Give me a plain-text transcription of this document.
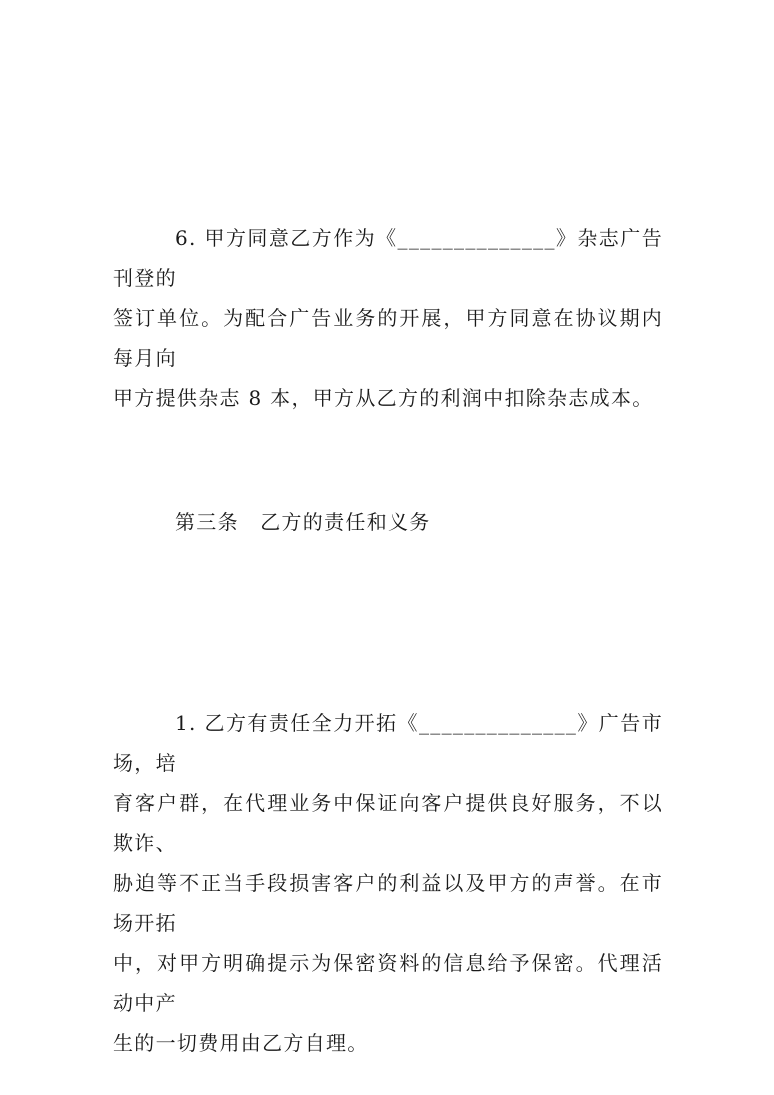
6. 甲方同意乙方作为《______________》杂志广告刊登的
签订单位。为配合广告业务的开展，甲方同意在协议期内每月向
甲方提供杂志 8 本，甲方从乙方的利润中扣除杂志成本。

第三条　乙方的责任和义务

1. 乙方有责任全力开拓《______________》广告市场，培
育客户群，在代理业务中保证向客户提供良好服务，不以欺诈、
胁迫等不正当手段损害客户的利益以及甲方的声誉。在市场开拓
中，对甲方明确提示为保密资料的信息给予保密。代理活动中产
生的一切费用由乙方自理。
